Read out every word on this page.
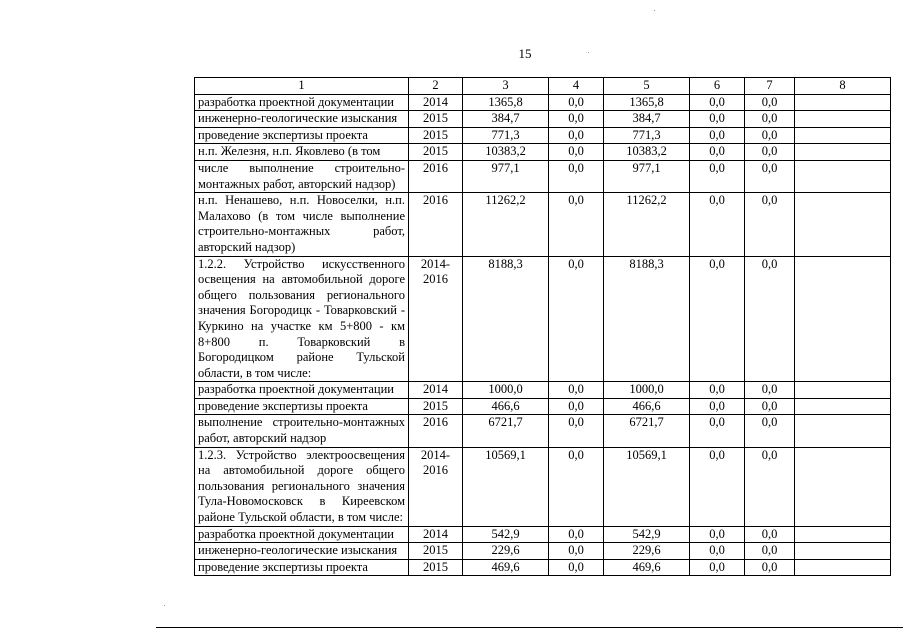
15
1	2	3	4	5	6	7	8
разработка проектной документации	2014	1365,8	0,0	1365,8	0,0	0,0	
инженерно-геологические изыскания	2015	384,7	0,0	384,7	0,0	0,0	
проведение экспертизы проекта	2015	771,3	0,0	771,3	0,0	0,0	
н.п. Железня, н.п. Яковлево (в том	2015	10383,2	0,0	10383,2	0,0	0,0	
числе выполнение строительно-монтажных работ, авторский надзор)	2016	977,1	0,0	977,1	0,0	0,0	
н.п. Ненашево, н.п. Новоселки, н.п. Малахово (в том числе выполнение строительно-монтажных работ, авторский надзор)	2016	11262,2	0,0	11262,2	0,0	0,0	
1.2.2. Устройство искусственного освещения на автомобильной дороге общего пользования регионального значения Богородицк - Товарковский - Куркино на участке км 5+800 - км 8+800 п. Товарковский в Богородицком районе Тульской области, в том числе:	2014-2016	8188,3	0,0	8188,3	0,0	0,0	
разработка проектной документации	2014	1000,0	0,0	1000,0	0,0	0,0	
проведение экспертизы проекта	2015	466,6	0,0	466,6	0,0	0,0	
выполнение строительно-монтажных работ, авторский надзор	2016	6721,7	0,0	6721,7	0,0	0,0	
1.2.3. Устройство электроосвещения на автомобильной дороге общего пользования регионального значения Тула-Новомосковск в Киреевском районе Тульской области, в том числе:	2014-2016	10569,1	0,0	10569,1	0,0	0,0	
разработка проектной документации	2014	542,9	0,0	542,9	0,0	0,0	
инженерно-геологические изыскания	2015	229,6	0,0	229,6	0,0	0,0	
проведение экспертизы проекта	2015	469,6	0,0	469,6	0,0	0,0	
